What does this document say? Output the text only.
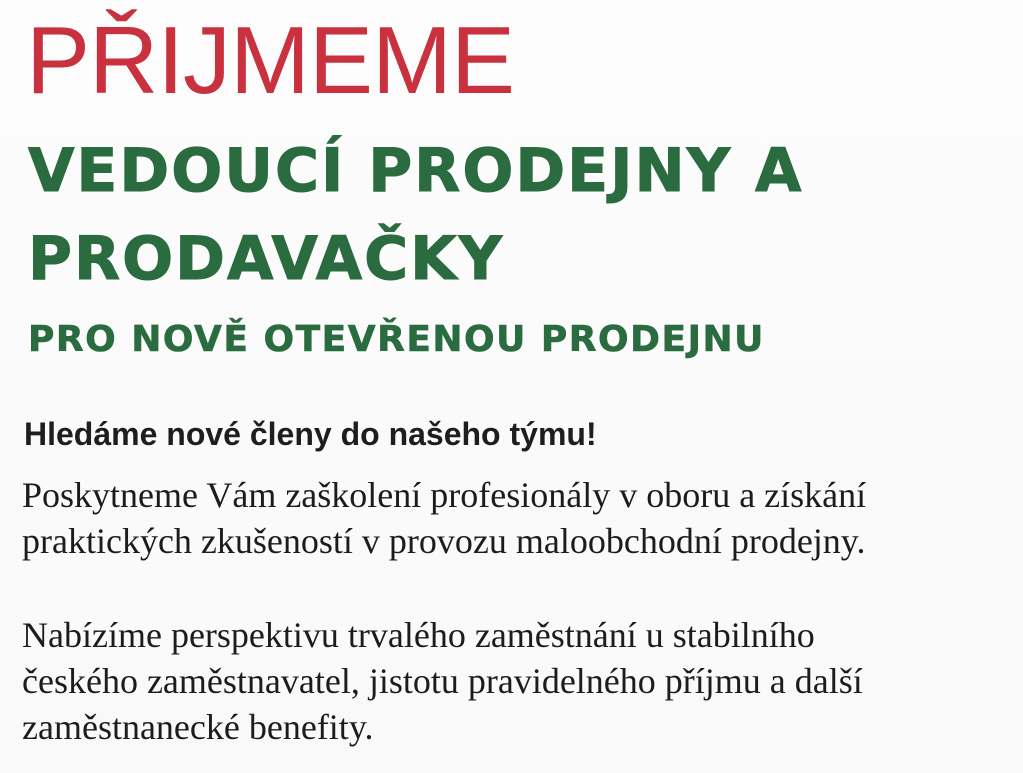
PŘIJMEME
VEDOUCÍ PRODEJNY A
PRODAVAČKY
PRO NOVĚ OTEVŘENOU PRODEJNU

Hledáme nové členy do našeho týmu!

Poskytneme Vám zaškolení profesionály v oboru a získání
praktických zkušeností v provozu maloobchodní prodejny.

Nabízíme perspektivu trvalého zaměstnání u stabilního
českého zaměstnavatel, jistotu pravidelného příjmu a další
zaměstnanecké benefity.
